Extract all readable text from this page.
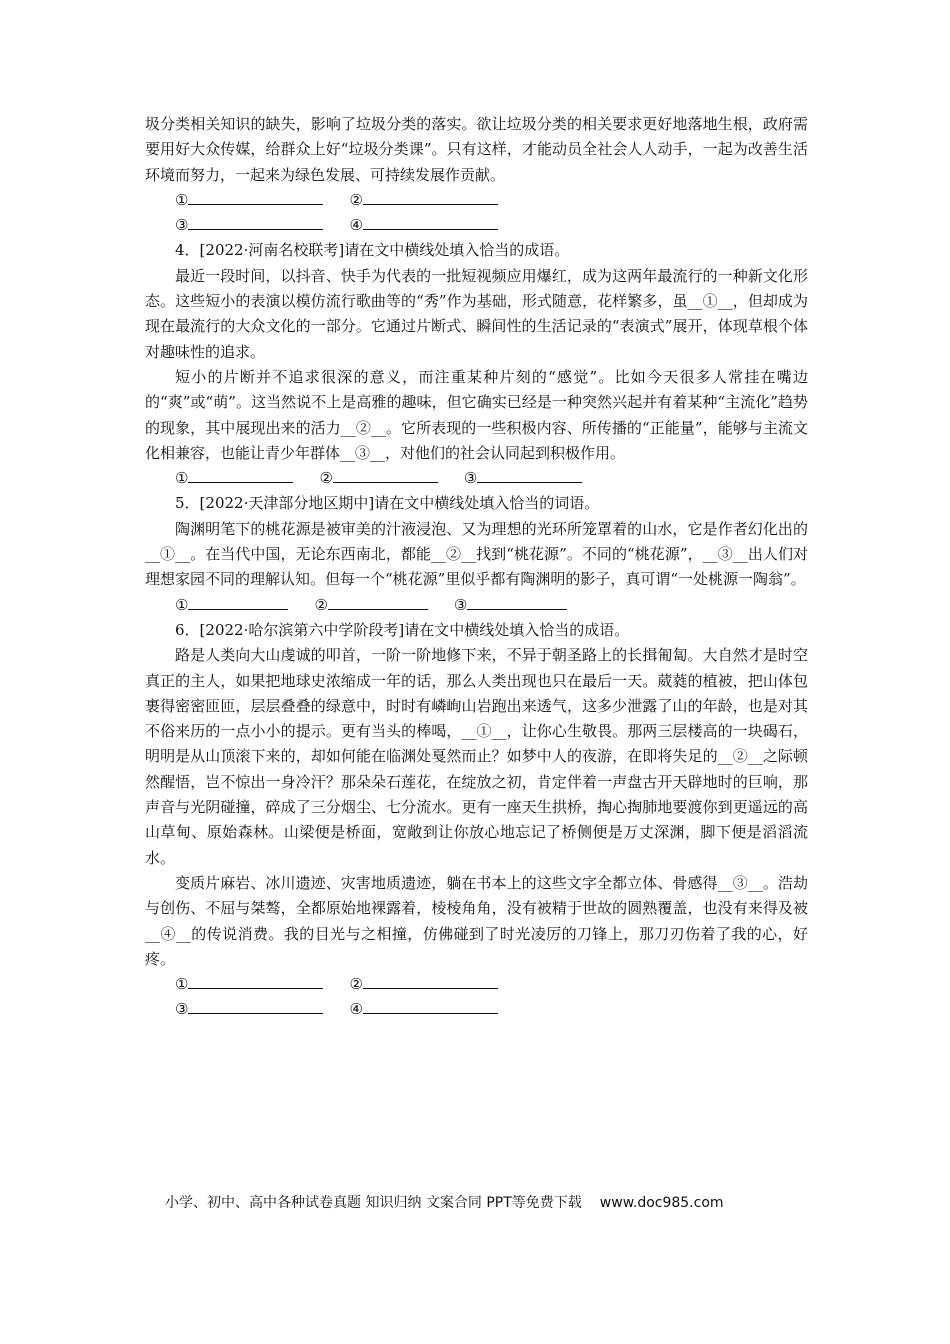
圾分类相关知识的缺失，影响了垃圾分类的落实。欲让垃圾分类的相关要求更好地落地生根，政府需要用好大众传媒，给群众上好“垃圾分类课”。只有这样，才能动员全社会人人动手，一起为改善生活环境而努力，一起来为绿色发展、可持续发展作贡献。

①	②
③	④

4．[2022·河南名校联考]请在文中横线处填入恰当的成语。

最近一段时间，以抖音、快手为代表的一批短视频应用爆红，成为这两年最流行的一种新文化形态。这些短小的表演以模仿流行歌曲等的“秀”作为基础，形式随意，花样繁多，虽__①__，但却成为现在最流行的大众文化的一部分。它通过片断式、瞬间性的生活记录的“表演式”展开，体现草根个体对趣味性的追求。

短小的片断并不追求很深的意义，而注重某种片刻的“感觉”。比如今天很多人常挂在嘴边的“爽”或“萌”。这当然说不上是高雅的趣味，但它确实已经是一种突然兴起并有着某种“主流化”趋势的现象，其中展现出来的活力__②__。它所表现的一些积极内容、所传播的“正能量”，能够与主流文化相兼容，也能让青少年群体__③__，对他们的社会认同起到积极作用。

①	②	③

5．[2022·天津部分地区期中]请在文中横线处填入恰当的词语。

陶渊明笔下的桃花源是被审美的汁液浸泡、又为理想的光环所笼罩着的山水，它是作者幻化出的__①__。在当代中国，无论东西南北，都能__②__找到“桃花源”。不同的“桃花源”，__③__出人们对理想家园不同的理解认知。但每一个“桃花源”里似乎都有陶渊明的影子，真可谓“一处桃源一陶翁”。

①	②	③

6．[2022·哈尔滨第六中学阶段考]请在文中横线处填入恰当的成语。

路是人类向大山虔诚的叩首，一阶一阶地修下来，不异于朝圣路上的长揖匍匐。大自然才是时空真正的主人，如果把地球史浓缩成一年的话，那么人类出现也只在最后一天。葳蕤的植被，把山体包裹得密密匝匝，层层叠叠的绿意中，时时有嶙峋山岩跑出来透气，这多少泄露了山的年龄，也是对其不俗来历的一点小小的提示。更有当头的棒喝，__①__，让你心生敬畏。那两三层楼高的一块碣石，明明是从山顶滚下来的，却如何能在临渊处戛然而止？如梦中人的夜游，在即将失足的__②__之际顿然醒悟，岂不惊出一身冷汗？那朵朵石莲花，在绽放之初，肯定伴着一声盘古开天辟地时的巨响，那声音与光阴碰撞，碎成了三分烟尘、七分流水。更有一座天生拱桥，掏心掏肺地要渡你到更遥远的高山草甸、原始森林。山梁便是桥面，宽敞到让你放心地忘记了桥侧便是万丈深渊，脚下便是滔滔流水。

变质片麻岩、冰川遗迹、灾害地质遗迹，躺在书本上的这些文字全都立体、骨感得__③__。浩劫与创伤、不屈与桀骜，全都原始地裸露着，棱棱角角，没有被精于世故的圆熟覆盖，也没有来得及被__④__的传说消费。我的目光与之相撞，仿佛碰到了时光凌厉的刀锋上，那刀刃伤着了我的心，好疼。

①	②
③	④
小学、初中、高中各种试卷真题 知识归纳 文案合同 PPT等免费下载 www.doc985.com
